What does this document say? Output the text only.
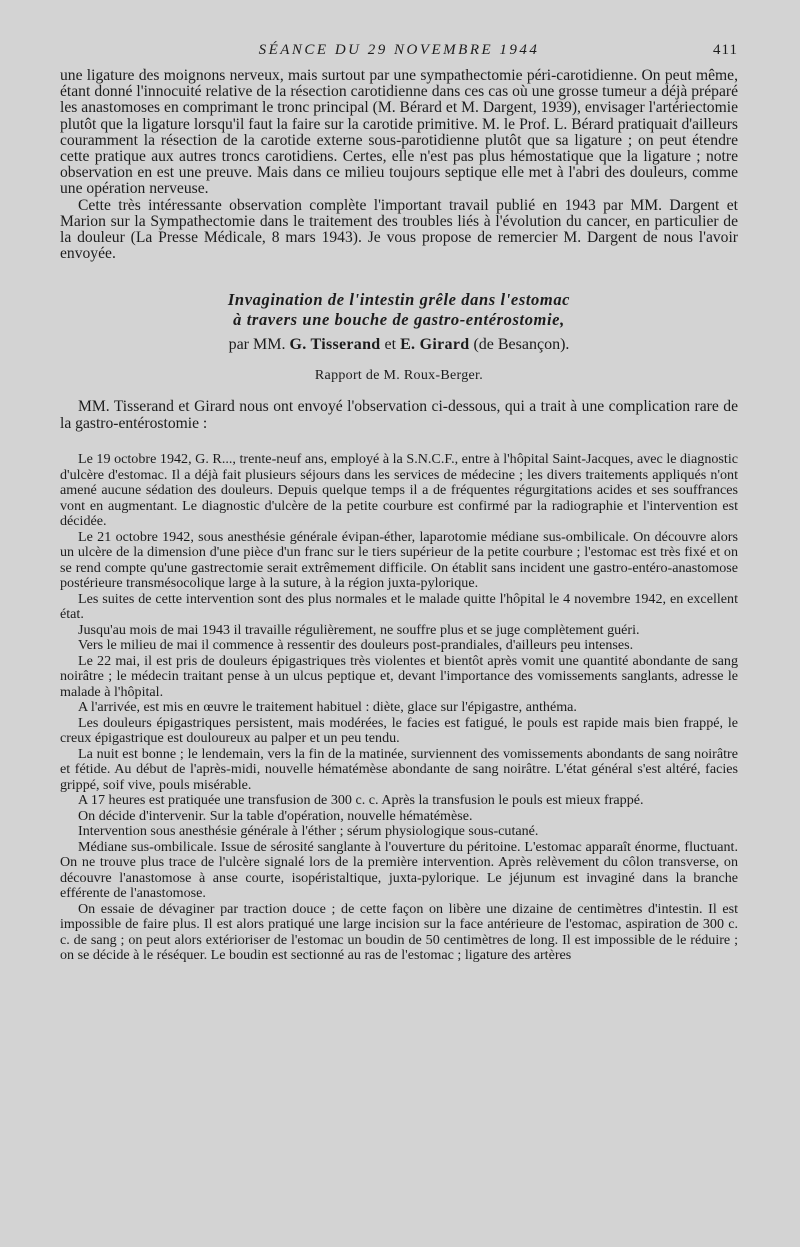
SÉANCE DU 29 NOVEMBRE 1944	411

une ligature des moignons nerveux, mais surtout par une sympathectomie péri-carotidienne. On peut même, étant donné l'innocuité relative de la résection carotidienne dans ces cas où une grosse tumeur a déjà préparé les anastomoses en comprimant le tronc principal (M. Bérard et M. Dargent, 1939), envisager l'artériectomie plutôt que la ligature lorsqu'il faut la faire sur la carotide primitive. M. le Prof. L. Bérard pratiquait d'ailleurs couramment la résection de la carotide externe sous-parotidienne plutôt que sa ligature ; on peut étendre cette pratique aux autres troncs carotidiens. Certes, elle n'est pas plus hémostatique que la ligature ; notre observation en est une preuve. Mais dans ce milieu toujours septique elle met à l'abri des douleurs, comme une opération nerveuse.

Cette très intéressante observation complète l'important travail publié en 1943 par MM. Dargent et Marion sur la Sympathectomie dans le traitement des troubles liés à l'évolution du cancer, en particulier de la douleur (La Presse Médicale, 8 mars 1943). Je vous propose de remercier M. Dargent de nous l'avoir envoyée.

Invagination de l'intestin grêle dans l'estomac
à travers une bouche de gastro-entérostomie,
par MM. G. Tisserand et E. Girard (de Besançon).
Rapport de M. Roux-Berger.

MM. Tisserand et Girard nous ont envoyé l'observation ci-dessous, qui a trait à une complication rare de la gastro-entérostomie :

Le 19 octobre 1942, G. R..., trente-neuf ans, employé à la S.N.C.F., entre à l'hôpital Saint-Jacques, avec le diagnostic d'ulcère d'estomac. Il a déjà fait plusieurs séjours dans les services de médecine ; les divers traitements appliqués n'ont amené aucune sédation des douleurs. Depuis quelque temps il a de fréquentes régurgitations acides et ses souffrances vont en augmentant. Le diagnostic d'ulcère de la petite courbure est confirmé par la radiographie et l'intervention est décidée.

Le 21 octobre 1942, sous anesthésie générale évipan-éther, laparotomie médiane sus-ombilicale. On découvre alors un ulcère de la dimension d'une pièce d'un franc sur le tiers supérieur de la petite courbure ; l'estomac est très fixé et on se rend compte qu'une gastrectomie serait extrêmement difficile. On établit sans incident une gastro-entéro-anastomose postérieure transmésocolique large à la suture, à la région juxta-pylorique.

Les suites de cette intervention sont des plus normales et le malade quitte l'hôpital le 4 novembre 1942, en excellent état.

Jusqu'au mois de mai 1943 il travaille régulièrement, ne souffre plus et se juge complètement guéri.

Vers le milieu de mai il commence à ressentir des douleurs post-prandiales, d'ailleurs peu intenses.

Le 22 mai, il est pris de douleurs épigastriques très violentes et bientôt après vomit une quantité abondante de sang noirâtre ; le médecin traitant pense à un ulcus peptique et, devant l'importance des vomissements sanglants, adresse le malade à l'hôpital.

A l'arrivée, est mis en œuvre le traitement habituel : diète, glace sur l'épigastre, anthéma.

Les douleurs épigastriques persistent, mais modérées, le facies est fatigué, le pouls est rapide mais bien frappé, le creux épigastrique est douloureux au palper et un peu tendu.

La nuit est bonne ; le lendemain, vers la fin de la matinée, surviennent des vomissements abondants de sang noirâtre et fétide. Au début de l'après-midi, nouvelle hématémèse abondante de sang noirâtre. L'état général s'est altéré, facies grippé, soif vive, pouls misérable.

A 17 heures est pratiquée une transfusion de 300 c. c. Après la transfusion le pouls est mieux frappé.

On décide d'intervenir. Sur la table d'opération, nouvelle hématémèse.

Intervention sous anesthésie générale à l'éther ; sérum physiologique sous-cutané.

Médiane sus-ombilicale. Issue de sérosité sanglante à l'ouverture du péritoine. L'estomac apparaît énorme, fluctuant. On ne trouve plus trace de l'ulcère signalé lors de la première intervention. Après relèvement du côlon transverse, on découvre l'anastomose à anse courte, isopéristaltique, juxta-pylorique. Le jéjunum est invaginé dans la branche efférente de l'anastomose.

On essaie de dévaginer par traction douce ; de cette façon on libère une dizaine de centimètres d'intestin. Il est impossible de faire plus. Il est alors pratiqué une large incision sur la face antérieure de l'estomac, aspiration de 300 c. c. de sang ; on peut alors extérioriser de l'estomac un boudin de 50 centimètres de long. Il est impossible de le réduire ; on se décide à le réséquer. Le boudin est sectionné au ras de l'estomac ; ligature des artères
